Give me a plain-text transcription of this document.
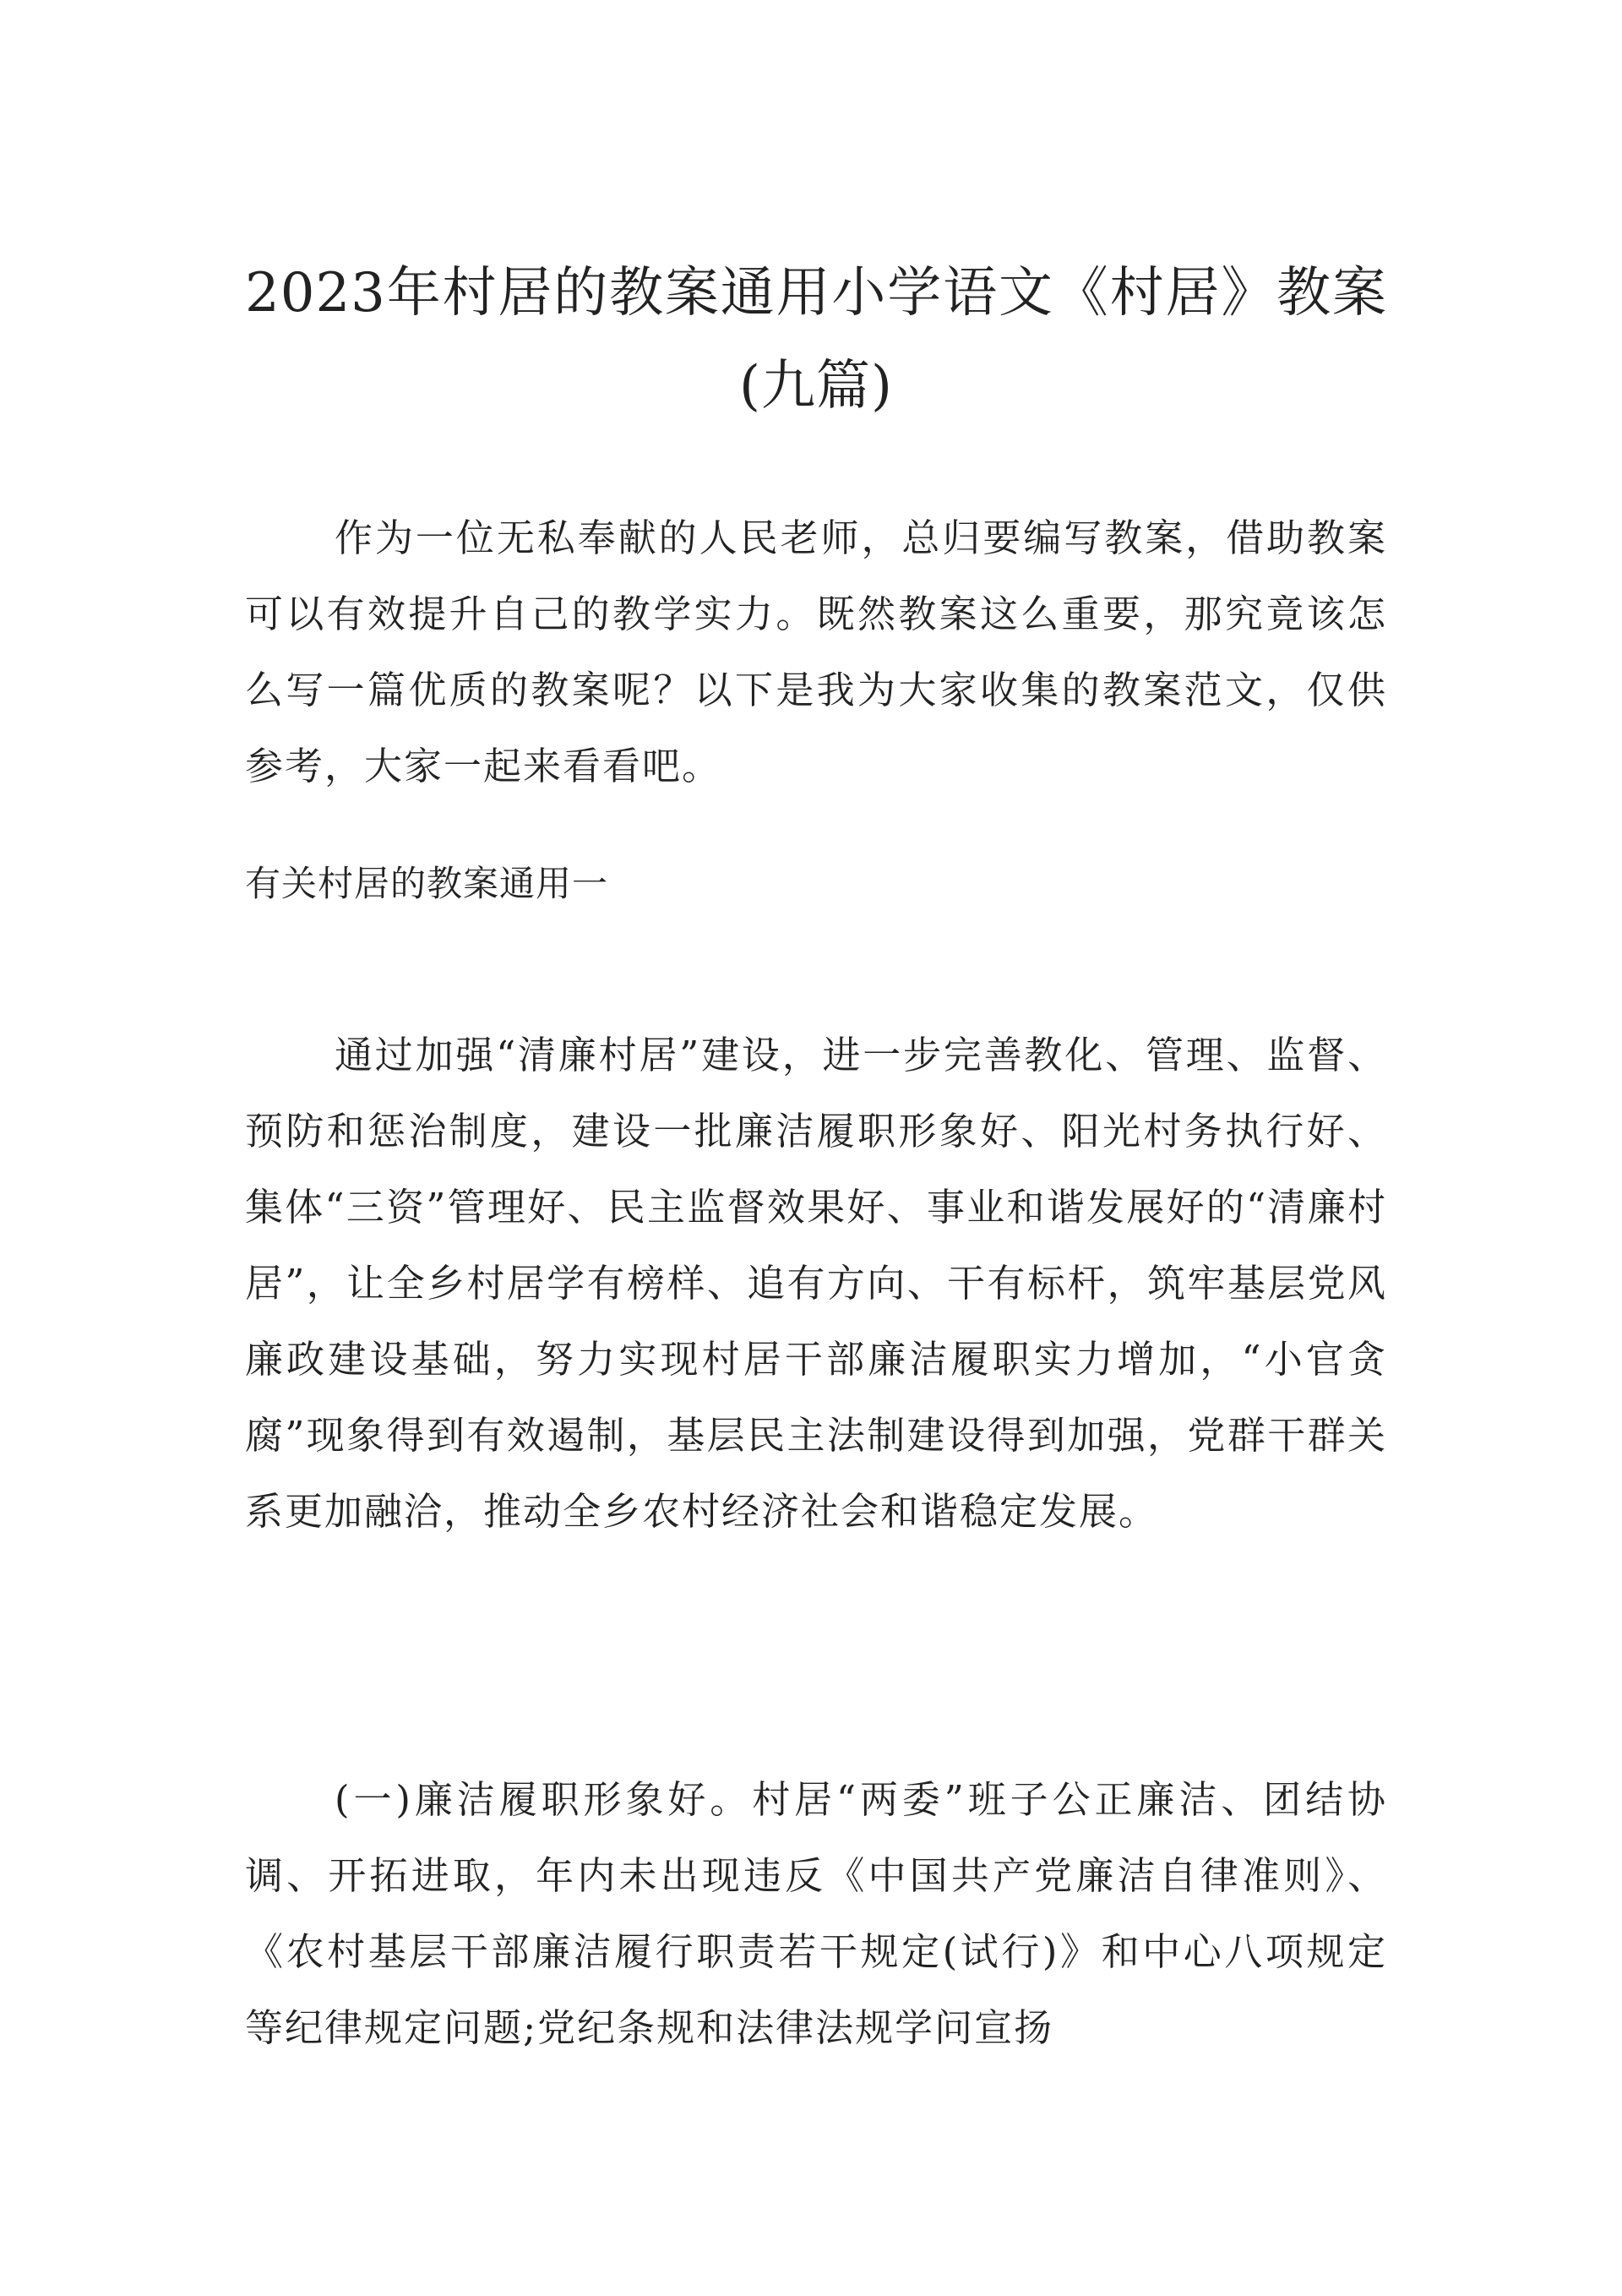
2023年村居的教案通用小学语文《村居》教案(九篇)

作为一位无私奉献的人民老师，总归要编写教案，借助教案可以有效提升自己的教学实力。既然教案这么重要，那究竟该怎么写一篇优质的教案呢？以下是我为大家收集的教案范文，仅供参考，大家一起来看看吧。

有关村居的教案通用一

通过加强“清廉村居”建设，进一步完善教化、管理、监督、预防和惩治制度，建设一批廉洁履职形象好、阳光村务执行好、集体“三资”管理好、民主监督效果好、事业和谐发展好的“清廉村居”，让全乡村居学有榜样、追有方向、干有标杆，筑牢基层党风廉政建设基础，努力实现村居干部廉洁履职实力增加，“小官贪腐”现象得到有效遏制，基层民主法制建设得到加强，党群干群关系更加融洽，推动全乡农村经济社会和谐稳定发展。

(一)廉洁履职形象好。村居“两委”班子公正廉洁、团结协调、开拓进取，年内未出现违反《中国共产党廉洁自律准则》、《农村基层干部廉洁履行职责若干规定(试行)》和中心八项规定等纪律规定问题;党纪条规和法律法规学问宣扬
